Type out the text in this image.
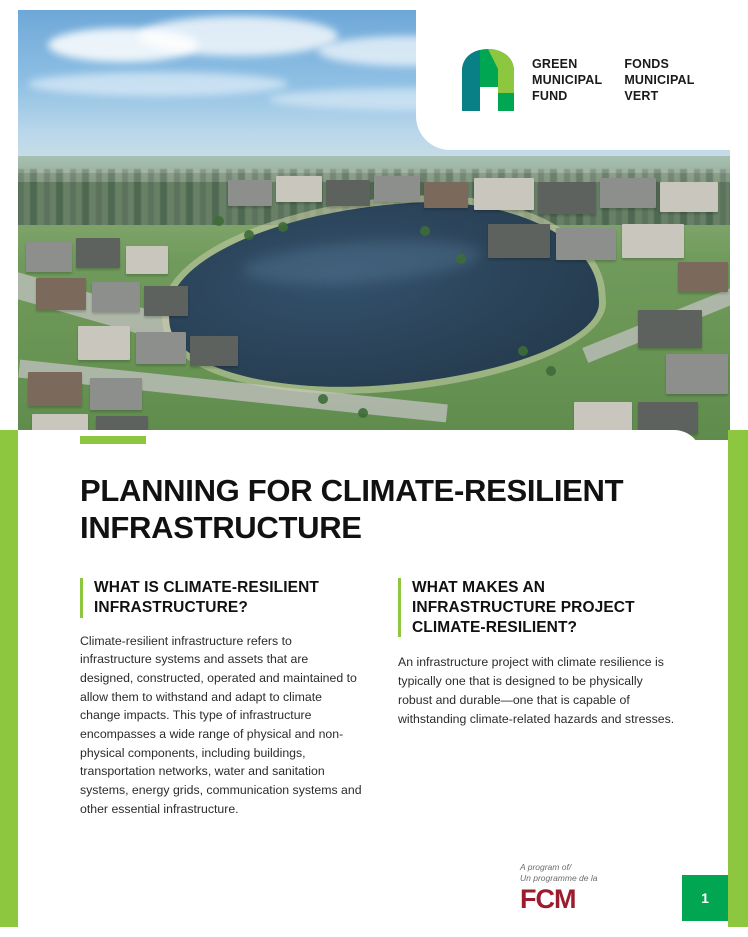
GREEN
MUNICIPAL
FUND
FONDS
MUNICIPAL
VERT
PLANNING FOR CLIMATE-RESILIENT INFRASTRUCTURE
WHAT IS CLIMATE-RESILIENT INFRASTRUCTURE?
Climate-resilient infrastructure refers to infrastructure systems and assets that are designed, constructed, operated and maintained to allow them to withstand and adapt to climate change impacts. This type of infrastructure encompasses a wide range of physical and non-physical components, including buildings, transportation networks, water and sanitation systems, energy grids, communication systems and other essential infrastructure.
WHAT MAKES AN INFRASTRUCTURE PROJECT CLIMATE-RESILIENT?
An infrastructure project with climate resilience is typically one that is designed to be physically robust and durable—one that is capable of withstanding climate-related hazards and stresses.
A program of/
Un programme de la
FCM	1
